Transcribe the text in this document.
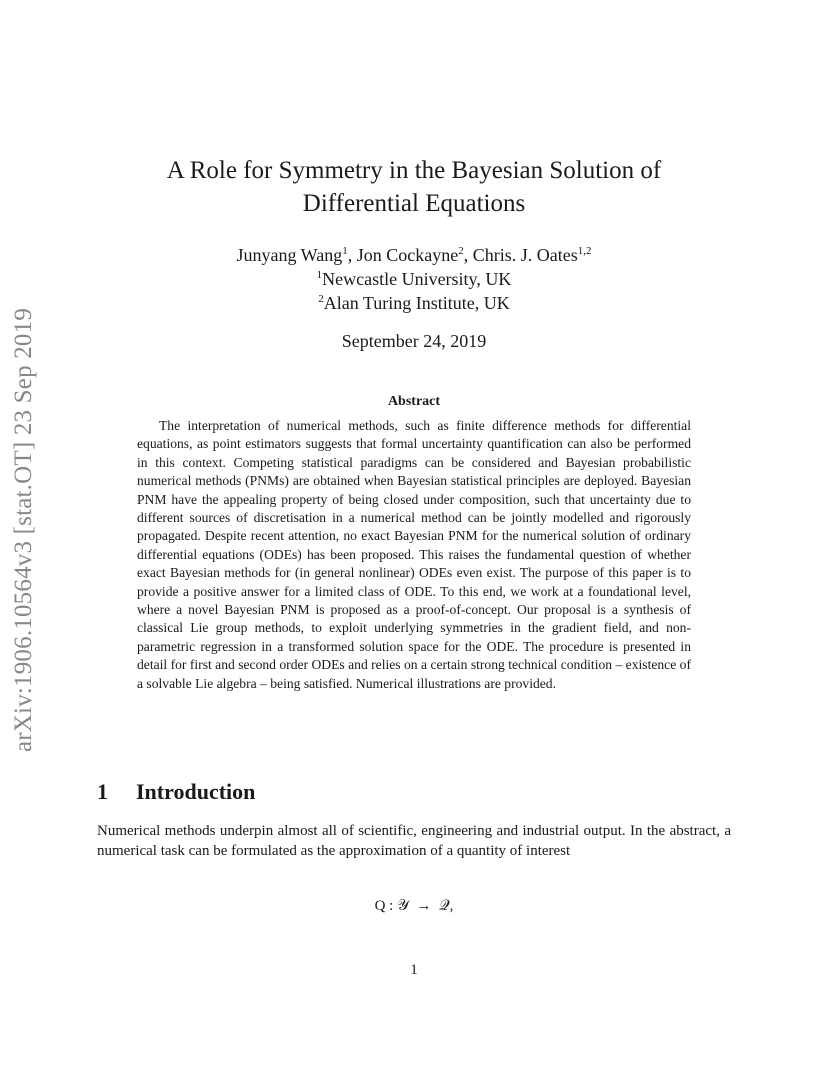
arXiv:1906.10564v3 [stat.OT] 23 Sep 2019
A Role for Symmetry in the Bayesian Solution of
Differential Equations
Junyang Wang$^1$, Jon Cockayne$^2$, Chris. J. Oates$^{1,2}$
$^1$Newcastle University, UK
$^2$Alan Turing Institute, UK
September 24, 2019
Abstract

The interpretation of numerical methods, such as finite difference methods for differential equations, as point estimators suggests that formal uncertainty quantification can also be performed in this context. Competing statistical paradigms can be considered and Bayesian probabilistic numerical methods (PNMs) are obtained when Bayesian statistical principles are deployed. Bayesian PNM have the appealing property of being closed under composition, such that uncertainty due to different sources of discretisation in a numerical method can be jointly modelled and rigorously propagated. Despite recent attention, no exact Bayesian PNM for the numerical solution of ordinary differential equations (ODEs) has been proposed. This raises the fundamental question of whether exact Bayesian methods for (in general nonlinear) ODEs even exist. The purpose of this paper is to provide a positive answer for a limited class of ODE. To this end, we work at a foundational level, where a novel Bayesian PNM is proposed as a proof-of-concept. Our proposal is a synthesis of classical Lie group methods, to exploit underlying symmetries in the gradient field, and non-parametric regression in a transformed solution space for the ODE. The procedure is presented in detail for first and second order ODEs and relies on a certain strong technical condition – existence of a solvable Lie algebra – being satisfied. Numerical illustrations are provided.

1 Introduction

Numerical methods underpin almost all of scientific, engineering and industrial output. In the abstract, a numerical task can be formulated as the approximation of a quantity of interest

Q : 𝒴 → 𝒬,
1
